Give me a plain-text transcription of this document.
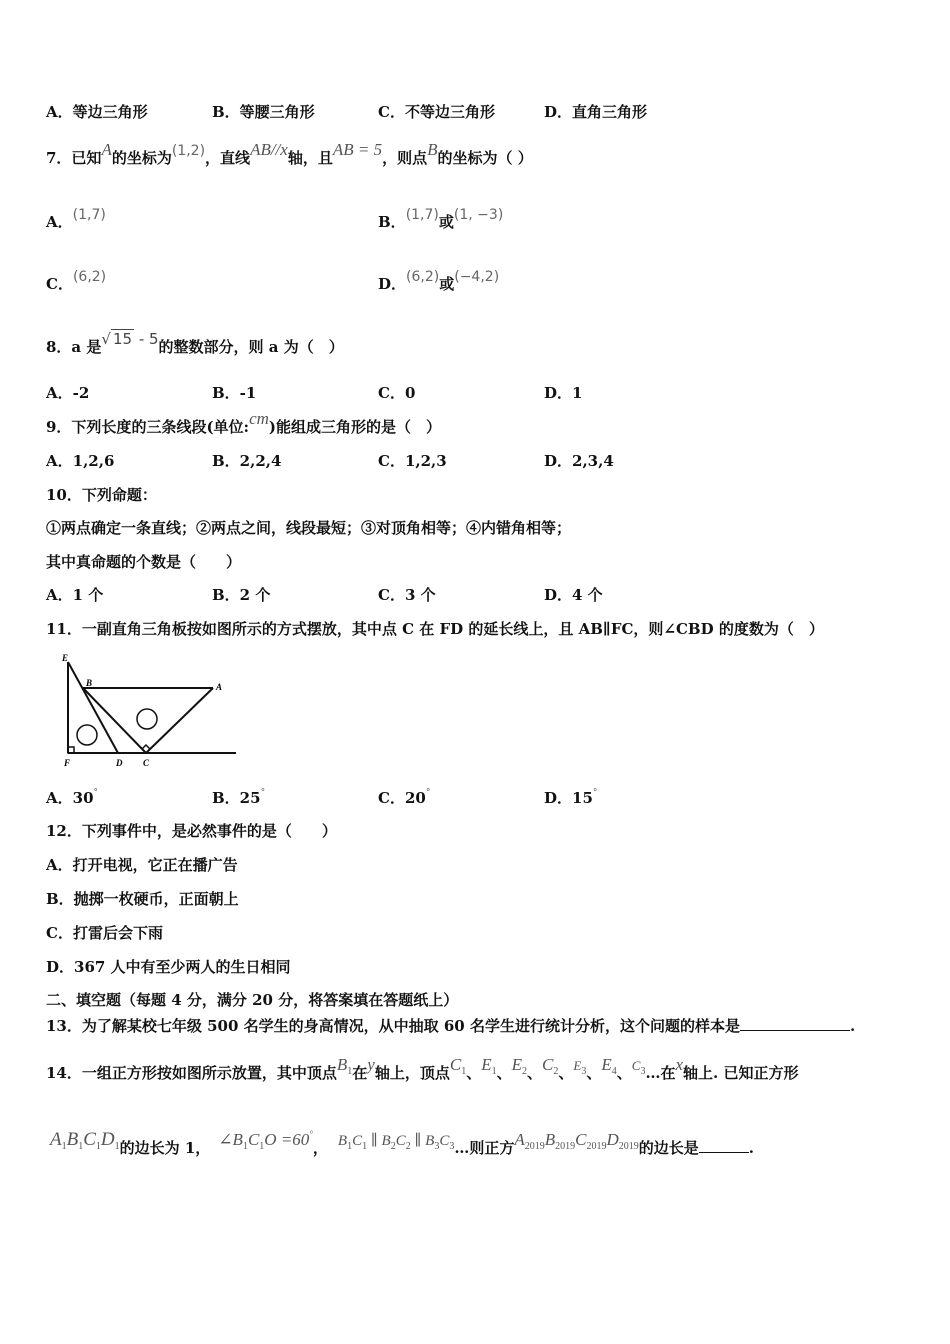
A．等边三角形	B．等腰三角形	C．不等边三角形	D．直角三角形
7．已知A的坐标为(1,2)，直线AB//x轴，且AB = 5，则点B的坐标为（ ）
A．(1,7)	B．(1,7)或(1, −3)
C．(6,2)	D．(6,2)或(−4,2)
8．a 是√ 15 - 5的整数部分，则 a 为（　）
A．-2	B．-1	C．0	D．1
9．下列长度的三条线段(单位:cm)能组成三角形的是（　）
A．1,2,6	B．2,2,4	C．1,2,3	D．2,3,4
10．下列命题：
①两点确定一条直线；②两点之间，线段最短；③对顶角相等；④内错角相等；
其中真命题的个数是（　　）
A．1 个	B．2 个	C．3 个	D．4 个
11．一副直角三角板按如图所示的方式摆放，其中点 C 在 FD 的延长线上，且 AB∥FC，则∠CBD 的度数为（　）
E
B	A
F	D C
A．30°	B．25°	C．20°	D．15°
12．下列事件中，是必然事件的是（　　）
A．打开电视，它正在播广告
B．抛掷一枚硬币，正面朝上
C．打雷后会下雨
D．367 人中有至少两人的生日相同
二、填空题（每题 4 分，满分 20 分，将答案填在答题纸上）
13．为了解某校七年级 500 名学生的身高情况，从中抽取 60 名学生进行统计分析，这个问题的样本是	.
14．一组正方形按如图所示放置，其中顶点$B_1$在y轴上，顶点$C_1$、$E_1$、$E_2$、$C_2$、$E_3$、$E_4$、$C_3\dots$在x轴上. 已知正方形
$A_1B_1C_1D_1$的边长为 1， $\angle B_1C_1O =60^\circ$， $B_1C_1$ ∥ $B_2C_2$ ∥ $B_3C_3\dots$则正方$A_{2019}B_{2019}C_{2019}D_{2019}$的边长是	.
